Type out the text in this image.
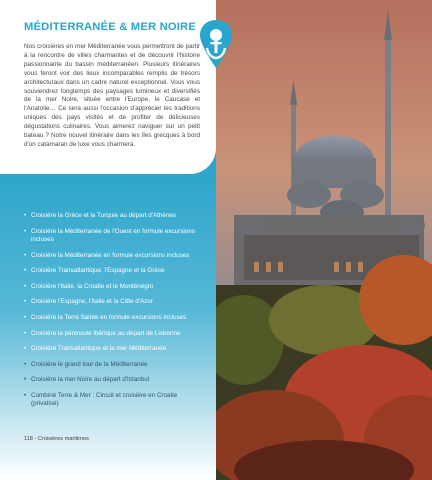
MÉDITERRANÉE & MER NOIRE

Nos croisières en mer Méditerranée vous permettront de partir à la rencontre de villes charmantes et de découvrir l'histoire passionnante du bassin méditerranéen. Plusieurs itinéraires vous feront voir des lieux incomparables remplis de trésors architecturaux dans un cadre naturel exceptionnel. Vous vous souviendrez longtemps des paysages lumineux et diversifiés de la mer Noire, située entre l'Europe, le Caucase et l'Anatolie… Ce sera aussi l'occasion d'apprécier les traditions uniques des pays visités et de profiter de délicieuses dégustations culinaires. Vous aimerez naviguer sur un petit bateau ? Notre nouvel itinéraire dans les îles grecques à bord d'un catamaran de luxe vous charmera.

• Croisière la Grèce et la Turquie au départ d'Athènes
• Croisière la Méditerranée de l'Ouest en formule excursions incluses
• Croisière la Méditerranée en formule excursions incluses
• Croisière Transatlantique, l'Espagne et la Grèce
• Croisière l'Italie, la Croatie et le Monténégro
• Croisière l'Espagne, l'Italie et la Côte d'Azur
• Croisière la Terre Sainte en formule excursions incluses
• Croisière la péninsule Ibérique au départ de Lisbonne
• Croisière Transatlantique et la mer Méditerranée
• Croisière le grand tour de la Méditerranée
• Croisière la mer Noire au départ d'Istanbul
• Combiné Terre & Mer : Circuit et croisière en Croatie (privatisé)
118 - Croisières maritimes
